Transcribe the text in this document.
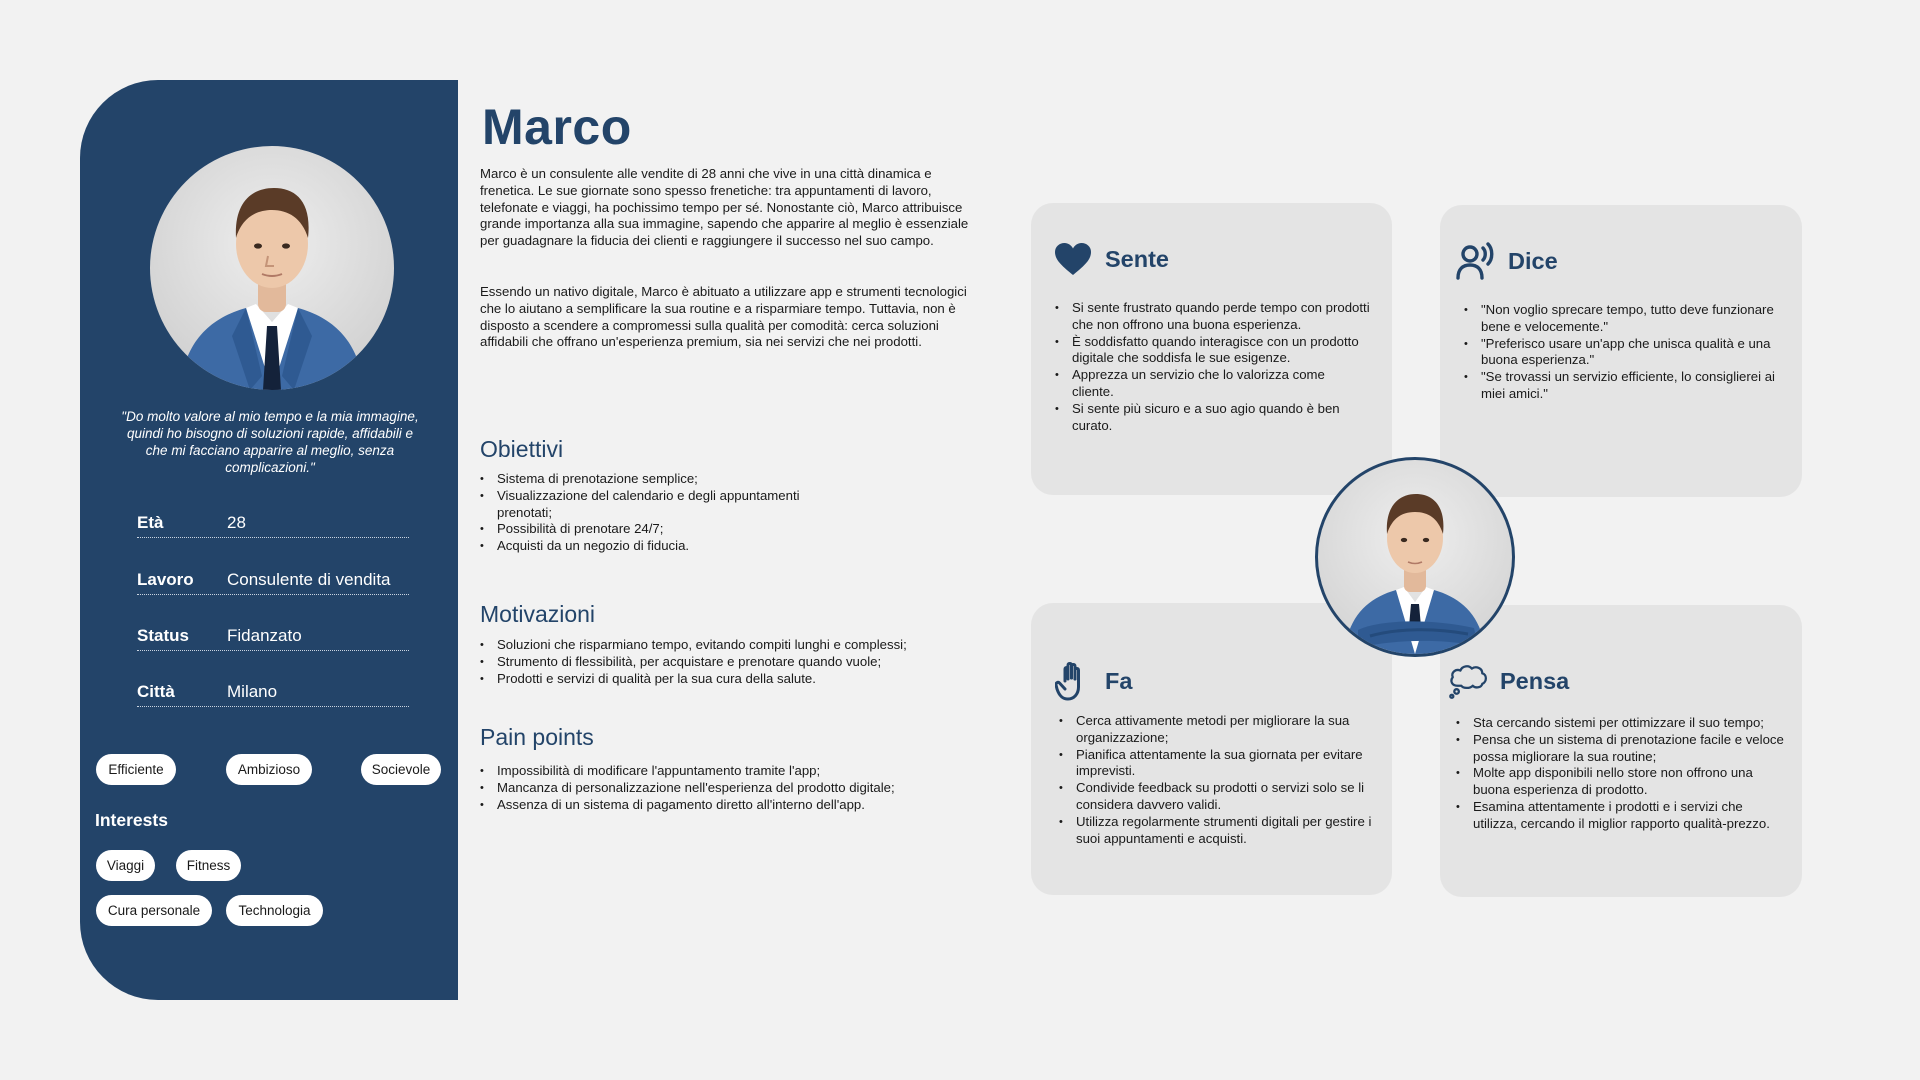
"Do molto valore al mio tempo e la mia immagine, quindi ho bisogno di soluzioni rapide, affidabili e che mi facciano apparire al meglio, senza complicazioni."
Età	28
Lavoro	Consulente di vendita
Status	Fidanzato
Città	Milano
Efficiente	Ambizioso	Socievole
Interests
Viaggi	Fitness
Cura personale	Technologia
Marco

Marco è un consulente alle vendite di 28 anni che vive in una città dinamica e frenetica. Le sue giornate sono spesso frenetiche: tra appuntamenti di lavoro, telefonate e viaggi, ha pochissimo tempo per sé. Nonostante ciò, Marco attribuisce grande importanza alla sua immagine, sapendo che apparire al meglio è essenziale per guadagnare la fiducia dei clienti e raggiungere il successo nel suo campo.

Essendo un nativo digitale, Marco è abituato a utilizzare app e strumenti tecnologici che lo aiutano a semplificare la sua routine e a risparmiare tempo. Tuttavia, non è disposto a scendere a compromessi sulla qualità per comodità: cerca soluzioni affidabili che offrano un'esperienza premium, sia nei servizi che nei prodotti.

Obiettivi
• Sistema di prenotazione semplice;
• Visualizzazione del calendario e degli appuntamenti prenotati;
• Possibilità di prenotare 24/7;
• Acquisti da un negozio di fiducia.
Motivazioni
• Soluzioni che risparmiano tempo, evitando compiti lunghi e complessi;
• Strumento di flessibilità, per acquistare e prenotare quando vuole;
• Prodotti e servizi di qualità per la sua cura della salute.
Pain points
• Impossibilità di modificare l'appuntamento tramite l'app;
• Mancanza di personalizzazione nell'esperienza del prodotto digitale;
• Assenza di un sistema di pagamento diretto all'interno dell'app.
Sente
• Si sente frustrato quando perde tempo con prodotti che non offrono una buona esperienza.
• È soddisfatto quando interagisce con un prodotto digitale che soddisfa le sue esigenze.
• Apprezza un servizio che lo valorizza come cliente.
• Si sente più sicuro e a suo agio quando è ben curato.
Dice
• "Non voglio sprecare tempo, tutto deve funzionare bene e velocemente."
• "Preferisco usare un'app che unisca qualità e una buona esperienza."
• "Se trovassi un servizio efficiente, lo consiglierei ai miei amici."
Fa
• Cerca attivamente metodi per migliorare la sua organizzazione;
• Pianifica attentamente la sua giornata per evitare imprevisti.
• Condivide feedback su prodotti o servizi solo se li considera davvero validi.
• Utilizza regolarmente strumenti digitali per gestire i suoi appuntamenti e acquisti.
Pensa
• Sta cercando sistemi per ottimizzare il suo tempo;
• Pensa che un sistema di prenotazione facile e veloce possa migliorare la sua routine;
• Molte app disponibili nello store non offrono una buona esperienza di prodotto.
• Esamina attentamente i prodotti e i servizi che utilizza, cercando il miglior rapporto qualità-prezzo.
